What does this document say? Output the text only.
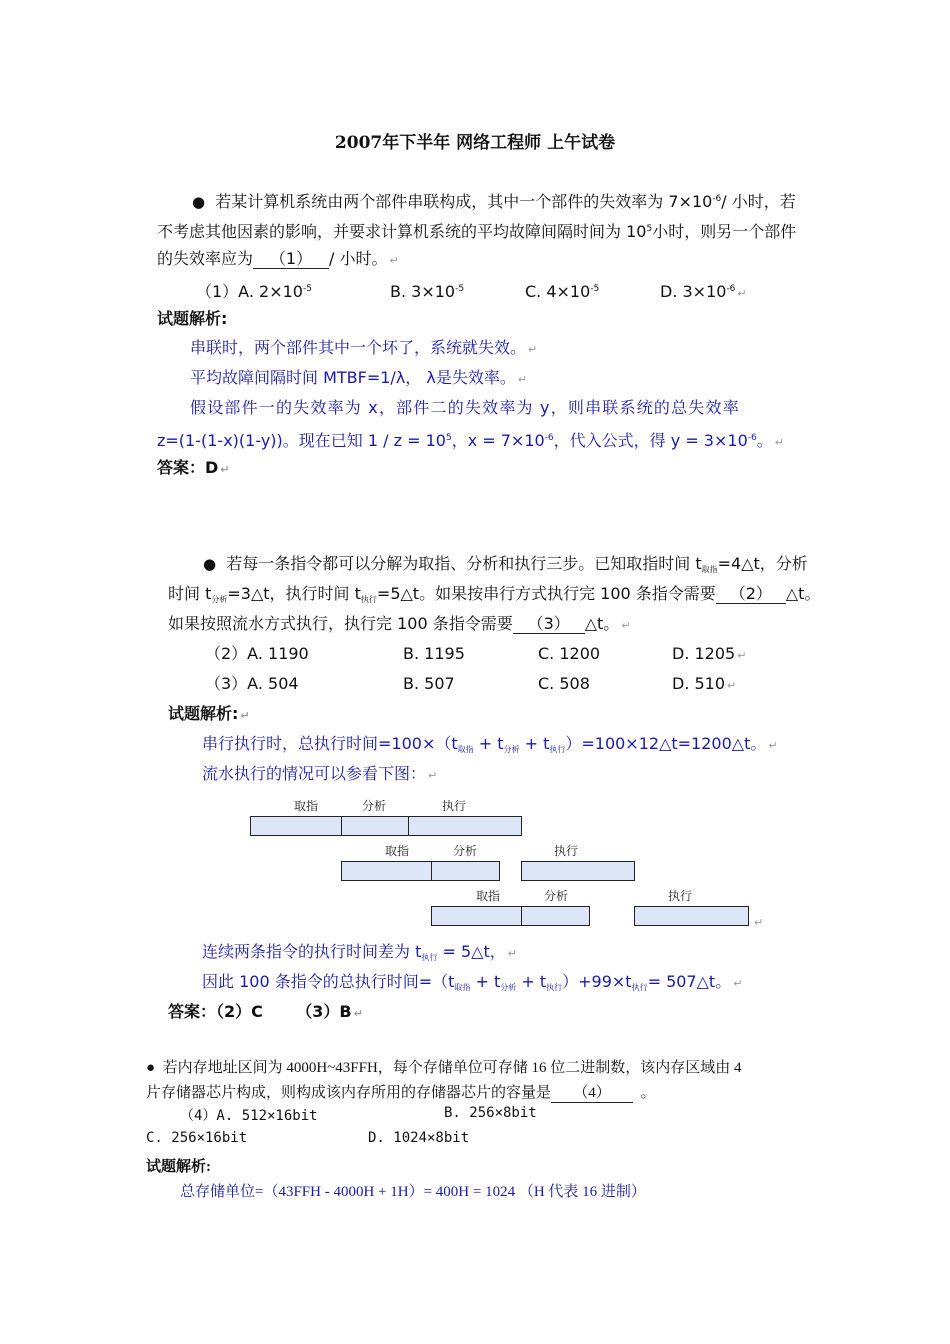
2007年下半年 网络工程师 上午试卷
● 若某计算机系统由两个部件串联构成，其中一个部件的失效率为 $7\times 10^{-6}/$ 小时，若
不考虑其他因素的影响，并要求计算机系统的平均故障间隔时间为 $10^5$小时，则另一个部件
的失效率应为 （1） / 小时。 ↵
（1）A. $2\times 10^{-5}$	B. $3\times 10^{-5}$	C. $4\times 10^{-5}$	D. $3\times 10^{-6}$ ↵
试题解析:
串联时，两个部件其中一个坏了，系统就失效。 ↵
平均故障间隔时间 MTBF=1/λ， λ是失效率。 ↵
假设部件一的失效率为 x，部件二的失效率为 y，则串联系统的总失效率
z=(1-(1-x)(1-y))。现在已知 $1 / z = 10^5$，$x = 7\times 10^{-6}$，代入公式，得 $y = 3\times 10^{-6}$。 ↵
答案：D ↵
● 若每一条指令都可以分解为取指、分析和执行三步。已知取指时间 $t_{取指}=4\triangle t$，分析
时间 $t_{分析}=3\triangle t$，执行时间 $t_{执行}=5\triangle t$。如果按串行方式执行完 100 条指令需要 （2） △t。
如果按照流水方式执行，执行完 100 条指令需要 （3） △t。 ↵
（2）A. 1190	B. 1195	C. 1200	D. 1205 ↵
（3）A. 504	B. 507	C. 508	D. 510 ↵
试题解析: ↵
串行执行时，总执行时间$=100\times(t_{取指} + t_{分析}$ + $t_{执行})=100\times 12\triangle t=1200\triangle t$。 ↵
流水执行的情况可以参看下图： ↵
取指	分析	执行
取指	分析	执行
取指	分析	执行
↵
连续两条指令的执行时间差为 $t_{执行}$ = 5△t， ↵
因此 100 条指令的总执行时间$=(t_{取指} + t_{分析} + t_{执行})+99\times t_{执行}=$ 507△t。 ↵
答案：（2）C      （3）B ↵
● 若内存地址区间为 4000H~43FFH，每个存储单位可存储 16 位二进制数，该内存区域由 4
片存储器芯片构成，则构成该内存所用的存储器芯片的容量是 （4） 。
（4）A. 512×16bit	B. 256×8bit
C. 256×16bit	D. 1024×8bit
试题解析:
总存储单位=（43FFH - 4000H + 1H）= 400H = 1024 （H 代表 16 进制）
